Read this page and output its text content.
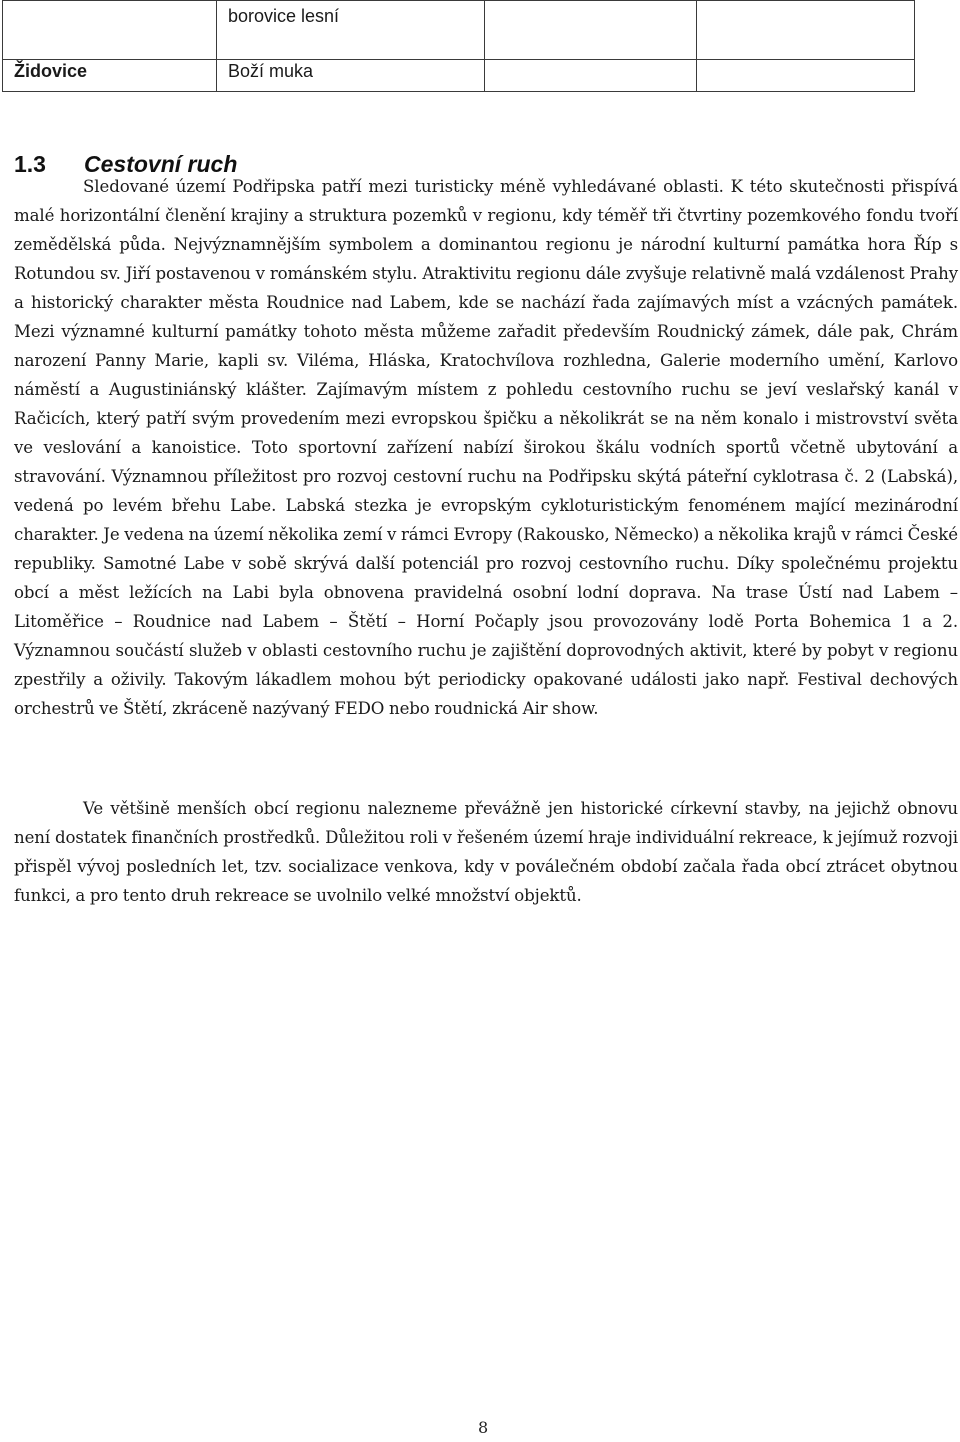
	borovice lesní		
Židovice	Boží muka		
1.3 Cestovní ruch

Sledované území Podřipska patří mezi turisticky méně vyhledávané oblasti. K této skutečnosti přispívá malé horizontální členění krajiny a struktura pozemků v regionu, kdy téměř tři čtvrtiny pozemkového fondu tvoří zemědělská půda. Nejvýznamnějším symbolem a dominantou regionu je národní kulturní památka hora Říp s Rotundou sv. Jiří postavenou v románském stylu. Atraktivitu regionu dále zvyšuje relativně malá vzdálenost Prahy a historický charakter města Roudnice nad Labem, kde se nachází řada zajímavých míst a vzácných památek. Mezi významné kulturní památky tohoto města můžeme zařadit především Roudnický zámek, dále pak, Chrám narození Panny Marie, kapli sv. Viléma, Hláska, Kratochvílova rozhledna, Galerie moderního umění, Karlovo náměstí a Augustiniánský klášter. Zajímavým místem z pohledu cestovního ruchu se jeví veslařský kanál v Račicích, který patří svým provedením mezi evropskou špičku a několikrát se na něm konalo i mistrovství světa ve veslování a kanoistice. Toto sportovní zařízení nabízí širokou škálu vodních sportů včetně ubytování a stravování. Významnou příležitost pro rozvoj cestovní ruchu na Podřipsku skýtá páteřní cyklotrasa č. 2 (Labská), vedená po levém břehu Labe. Labská stezka je evropským cykloturistickým fenoménem mající mezinárodní charakter. Je vedena na území několika zemí v rámci Evropy (Rakousko, Německo) a několika krajů v rámci České republiky. Samotné Labe v sobě skrývá další potenciál pro rozvoj cestovního ruchu. Díky společnému projektu obcí a měst ležících na Labi byla obnovena pravidelná osobní lodní doprava. Na trase Ústí nad Labem – Litoměřice – Roudnice nad Labem – Štětí – Horní Počaply jsou provozovány lodě Porta Bohemica 1 a 2. Významnou součástí služeb v oblasti cestovního ruchu je zajištění doprovodných aktivit, které by pobyt v regionu zpestřily a oživily. Takovým lákadlem mohou být periodicky opakované události jako např. Festival dechových orchestrů ve Štětí, zkráceně nazývaný FEDO nebo roudnická Air show.

Ve většině menších obcí regionu nalezneme převážně jen historické církevní stavby, na jejichž obnovu není dostatek finančních prostředků. Důležitou roli v řešeném území hraje individuální rekreace, k jejímuž rozvoji přispěl vývoj posledních let, tzv. socializace venkova, kdy v poválečném období začala řada obcí ztrácet obytnou funkci, a pro tento druh rekreace se uvolnilo velké množství objektů.

8
